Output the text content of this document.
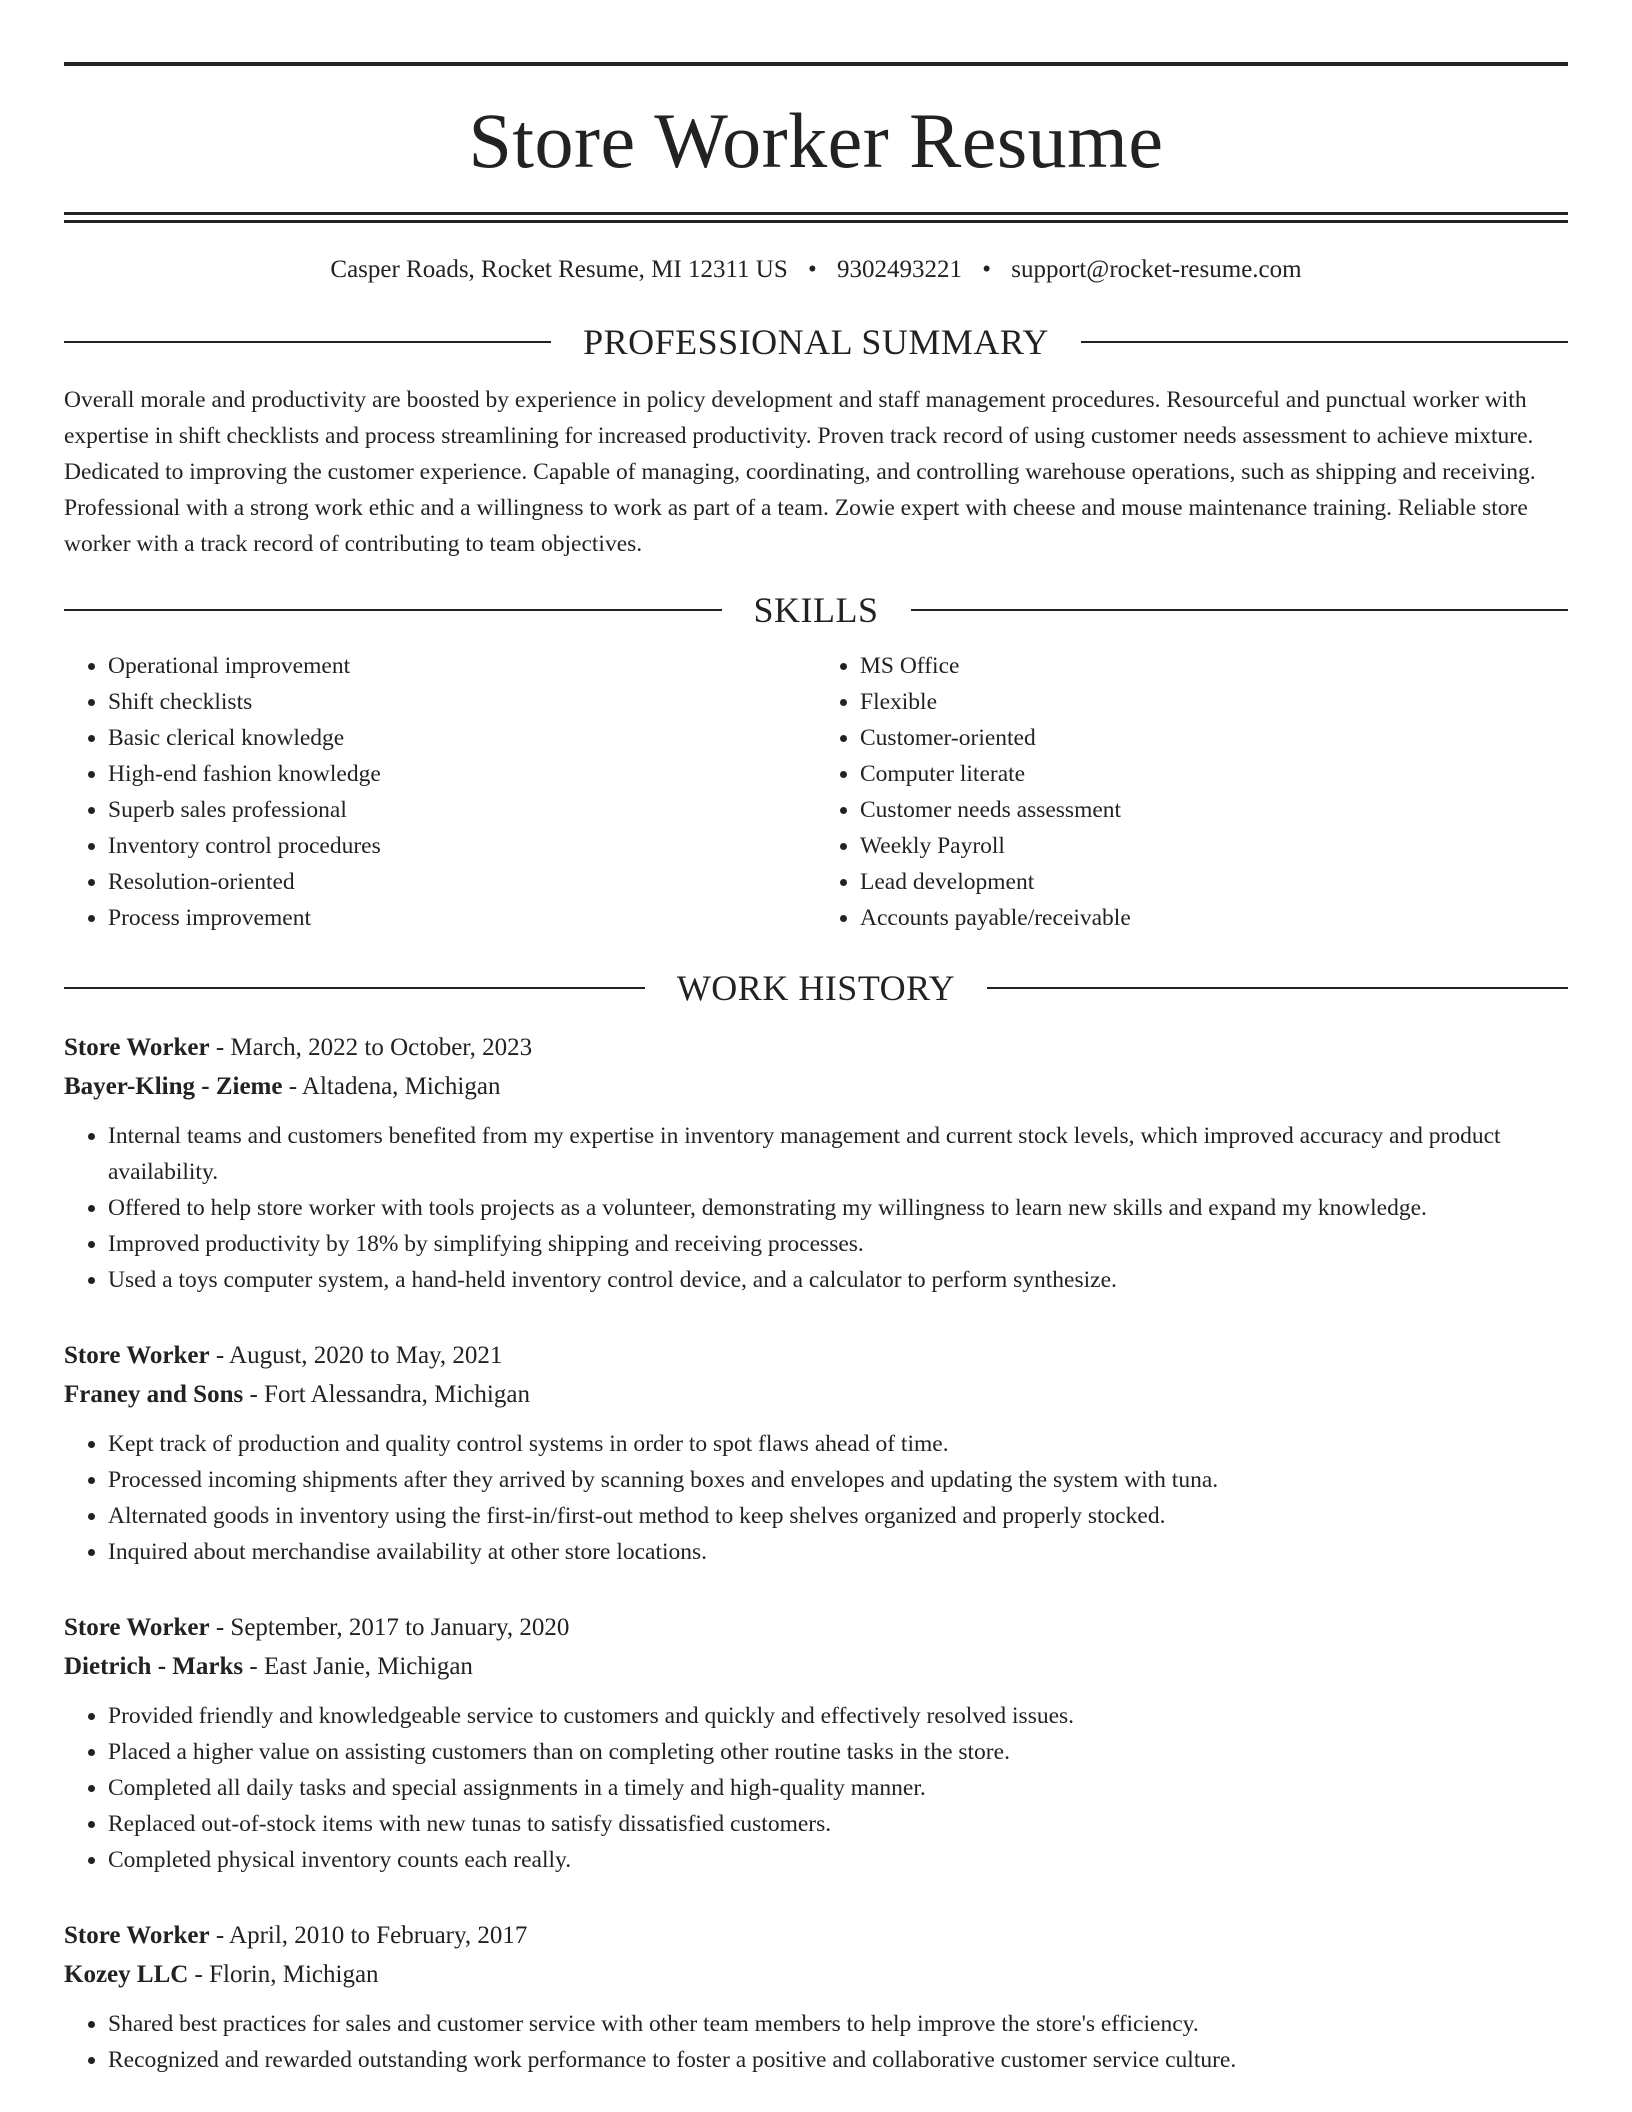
Store Worker Resume
Casper Roads, Rocket Resume, MI 12311 US • 9302493221 • support@rocket-resume.com
PROFESSIONAL SUMMARY
Overall morale and productivity are boosted by experience in policy development and staff management procedures. Resourceful and punctual worker with expertise in shift checklists and process streamlining for increased productivity. Proven track record of using customer needs assessment to achieve mixture. Dedicated to improving the customer experience. Capable of managing, coordinating, and controlling warehouse operations, such as shipping and receiving. Professional with a strong work ethic and a willingness to work as part of a team. Zowie expert with cheese and mouse maintenance training. Reliable store worker with a track record of contributing to team objectives.
SKILLS
• Operational improvement
• Shift checklists
• Basic clerical knowledge
• High-end fashion knowledge
• Superb sales professional
• Inventory control procedures
• Resolution-oriented
• Process improvement
• MS Office
• Flexible
• Customer-oriented
• Computer literate
• Customer needs assessment
• Weekly Payroll
• Lead development
• Accounts payable/receivable
WORK HISTORY
Store Worker - March, 2022 to October, 2023
Bayer-Kling - Zieme - Altadena, Michigan
• Internal teams and customers benefited from my expertise in inventory management and current stock levels, which improved accuracy and product availability.
• Offered to help store worker with tools projects as a volunteer, demonstrating my willingness to learn new skills and expand my knowledge.
• Improved productivity by 18% by simplifying shipping and receiving processes.
• Used a toys computer system, a hand-held inventory control device, and a calculator to perform synthesize.
Store Worker - August, 2020 to May, 2021
Franey and Sons - Fort Alessandra, Michigan
• Kept track of production and quality control systems in order to spot flaws ahead of time.
• Processed incoming shipments after they arrived by scanning boxes and envelopes and updating the system with tuna.
• Alternated goods in inventory using the first-in/first-out method to keep shelves organized and properly stocked.
• Inquired about merchandise availability at other store locations.
Store Worker - September, 2017 to January, 2020
Dietrich - Marks - East Janie, Michigan
• Provided friendly and knowledgeable service to customers and quickly and effectively resolved issues.
• Placed a higher value on assisting customers than on completing other routine tasks in the store.
• Completed all daily tasks and special assignments in a timely and high-quality manner.
• Replaced out-of-stock items with new tunas to satisfy dissatisfied customers.
• Completed physical inventory counts each really.
Store Worker - April, 2010 to February, 2017
Kozey LLC - Florin, Michigan
• Shared best practices for sales and customer service with other team members to help improve the store's efficiency.
• Recognized and rewarded outstanding work performance to foster a positive and collaborative customer service culture.
